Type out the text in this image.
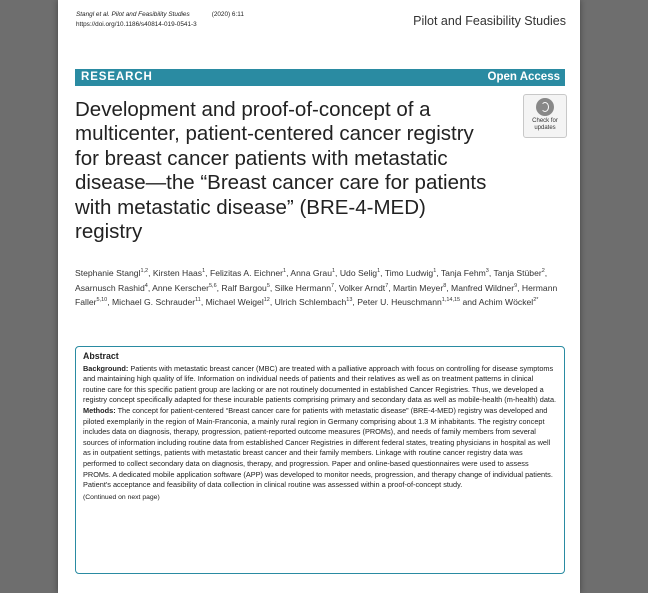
Stangl et al. Pilot and Feasibility Studies	(2020) 6:11
https://doi.org/10.1186/s40814-019-0541-3	Pilot and Feasibility Studies
RESEARCH	Open Access
Development and proof-of-concept of a multicenter, patient-centered cancer registry for breast cancer patients with metastatic disease—the “Breast cancer care for patients with metastatic disease” (BRE-4-MED) registry
Check for
updates
Stephanie Stangl$^{1,2}$, Kirsten Haas$^1$, Felizitas A. Eichner$^1$, Anna Grau$^1$, Udo Selig$^1$, Timo Ludwig$^1$, Tanja Fehm$^3$, Tanja Stüber$^2$, Asarnusch Rashid$^4$, Anne Kerscher$^{5,6}$, Ralf Bargou$^5$, Silke Hermann$^7$, Volker Arndt$^7$, Martin Meyer$^8$, Manfred Wildner$^9$, Hermann Faller$^{5,10}$, Michael G. Schrauder$^{11}$, Michael Weigel$^{12}$, Ulrich Schlembach$^{13}$, Peter U. Heuschmann$^{1,14,15}$ and Achim Wöckel$^{2*}$
Abstract

Background: Patients with metastatic breast cancer (MBC) are treated with a palliative approach with focus on controlling for disease symptoms and maintaining high quality of life. Information on individual needs of patients and their relatives as well as on treatment patterns in clinical routine care for this specific patient group are lacking or are not routinely documented in established Cancer Registries. Thus, we developed a registry concept specifically adapted for these incurable patients comprising primary and secondary data as well as mobile-health (m-health) data.

Methods: The concept for patient-centered “Breast cancer care for patients with metastatic disease” (BRE-4-MED) registry was developed and piloted exemplarily in the region of Main-Franconia, a mainly rural region in Germany comprising about 1.3 M inhabitants. The registry concept includes data on diagnosis, therapy, progression, patient-reported outcome measures (PROMs), and needs of family members from several sources of information including routine data from established Cancer Registries in different federal states, treating physicians in hospital as well as in outpatient settings, patients with metastatic breast cancer and their family members. Linkage with routine cancer registry data was performed to collect secondary data on diagnosis, therapy, and progression. Paper and online-based questionnaires were used to assess PROMs. A dedicated mobile application software (APP) was developed to monitor needs, progression, and therapy change of individual patients. Patient's acceptance and feasibility of data collection in clinical routine was assessed within a proof-of-concept study.

(Continued on next page)
